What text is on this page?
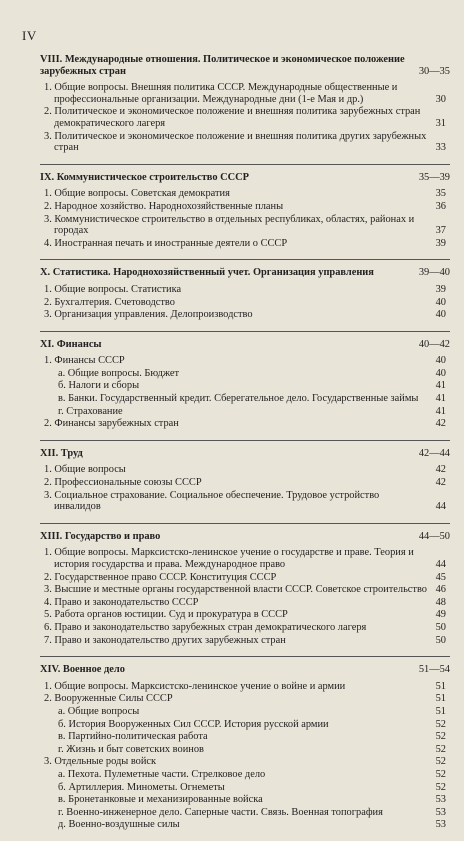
IV
VIII. Международные отношения. Политическое и экономическое положение зарубежных стран	30—35
1. Общие вопросы. Внешняя политика СССР. Международные общественные и профессиональные организации. Международные дни (1-е Мая и др.)	30
2. Политическое и экономическое положение и внешняя политика зарубежных стран демократического лагеря	31
3. Политическое и экономическое положение и внешняя политика других зарубежных стран	33
IX. Коммунистическое строительство СССР	35—39
1. Общие вопросы. Советская демократия	35
2. Народное хозяйство. Народнохозяйственные планы	36
3. Коммунистическое строительство в отдельных республиках, областях, районах и городах	37
4. Иностранная печать и иностранные деятели о СССР	39
X. Статистика. Народнохозяйственный учет. Организация управления	39—40
1. Общие вопросы. Статистика	39
2. Бухгалтерия. Счетоводство	40
3. Организация управления. Делопроизводство	40
XI. Финансы	40—42
1. Финансы СССР	40
а. Общие вопросы. Бюджет	40
б. Налоги и сборы	41
в. Банки. Государственный кредит. Сберегательное дело. Государственные займы 41
г. Страхование	41
2. Финансы зарубежных стран	42
XII. Труд	42—44
1. Общие вопросы	42
2. Профессиональные союзы СССР	42
3. Социальное страхование. Социальное обеспечение. Трудовое устройство инвалидов	44
XIII. Государство и право	44—50
1. Общие вопросы. Марксистско-ленинское учение о государстве и праве. Теория и история государства и права. Международное право	44
2. Государственное право СССР. Конституция СССР	45
3. Высшие и местные органы государственной власти СССР. Советское строительство 46
4. Право и законодательство СССР	48
5. Работа органов юстиции. Суд и прокуратура в СССР	49
6. Право и законодательство зарубежных стран демократического лагеря	50
7. Право и законодательство других зарубежных стран	50
XIV. Военное дело	51—54
1. Общие вопросы. Марксистско-ленинское учение о войне и армии	51
2. Вооруженные Силы СССР	51
а. Общие вопросы	51
б. История Вооруженных Сил СССР. История русской армии	52
в. Партийно-политическая работа	52
г. Жизнь и быт советских воинов	52
3. Отдельные роды войск	52
а. Пехота. Пулеметные части. Стрелковое дело	52
б. Артиллерия. Минометы. Огнеметы	52
в. Бронетанковые и механизированные войска	53
г. Военно-инженерное дело. Саперные части. Связь. Военная топография	53
д. Военно-воздушные силы	53
